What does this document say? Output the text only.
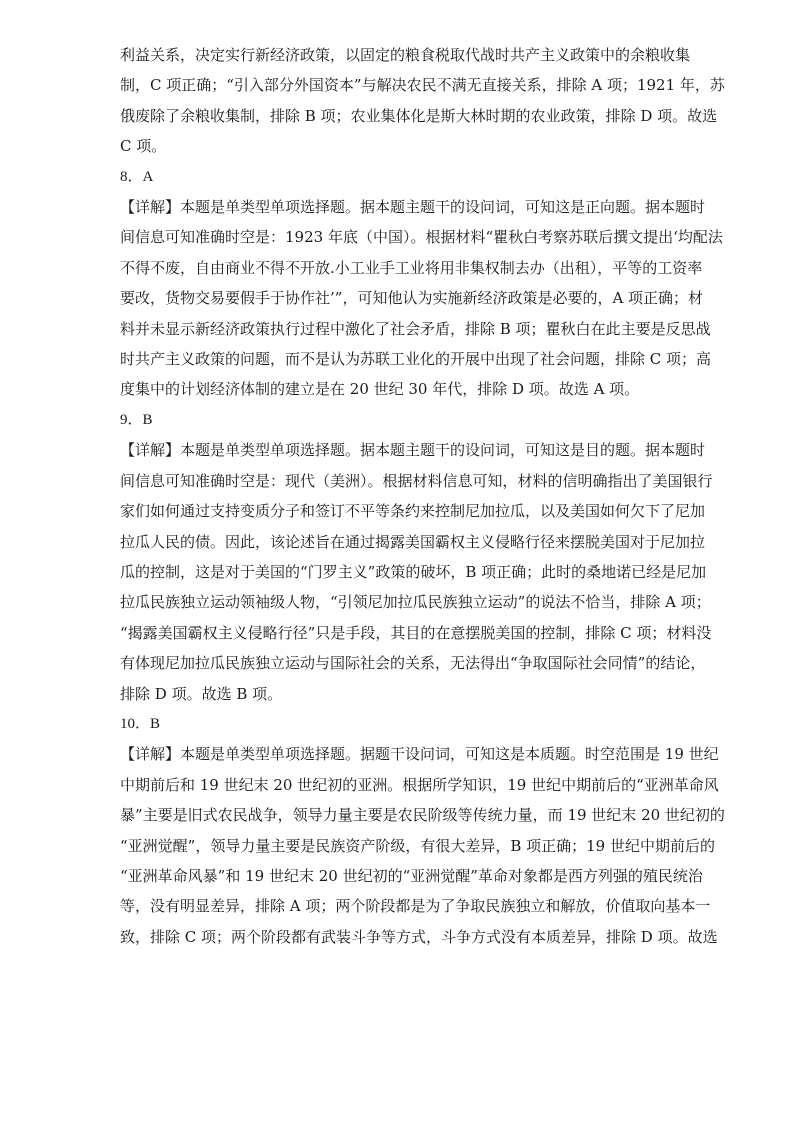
利益关系，决定实行新经济政策，以固定的粮食税取代战时共产主义政策中的余粮收集

制，C 项正确；“引入部分外国资本”与解决农民不满无直接关系，排除 A 项；1921 年，苏

俄废除了余粮收集制，排除 B 项；农业集体化是斯大林时期的农业政策，排除 D 项。故选

C 项。

8．A

【详解】本题是单类型单项选择题。据本题主题干的设问词，可知这是正向题。据本题时

间信息可知准确时空是：1923 年底（中国）。根据材料“瞿秋白考察苏联后撰文提出‘均配法

不得不废，自由商业不得不开放.小工业手工业将用非集权制去办（出租），平等的工资率

要改，货物交易要假手于协作社’”，可知他认为实施新经济政策是必要的，A 项正确；材

料并未显示新经济政策执行过程中激化了社会矛盾，排除 B 项；瞿秋白在此主要是反思战

时共产主义政策的问题，而不是认为苏联工业化的开展中出现了社会问题，排除 C 项；高

度集中的计划经济体制的建立是在 20 世纪 30 年代，排除 D 项。故选 A 项。

9．B

【详解】本题是单类型单项选择题。据本题主题干的设问词，可知这是目的题。据本题时

间信息可知准确时空是：现代（美洲）。根据材料信息可知，材料的信明确指出了美国银行

家们如何通过支持变质分子和签订不平等条约来控制尼加拉瓜，以及美国如何欠下了尼加

拉瓜人民的债。因此，该论述旨在通过揭露美国霸权主义侵略行径来摆脱美国对于尼加拉

瓜的控制，这是对于美国的“门罗主义”政策的破坏，B 项正确；此时的桑地诺已经是尼加

拉瓜民族独立运动领袖级人物，“引领尼加拉瓜民族独立运动”的说法不恰当，排除 A 项；

“揭露美国霸权主义侵略行径”只是手段，其目的在意摆脱美国的控制，排除 C 项；材料没

有体现尼加拉瓜民族独立运动与国际社会的关系，无法得出“争取国际社会同情”的结论，

排除 D 项。故选 B 项。

10．B

【详解】本题是单类型单项选择题。据题干设问词，可知这是本质题。时空范围是 19 世纪

中期前后和 19 世纪末 20 世纪初的亚洲。根据所学知识，19 世纪中期前后的“亚洲革命风

暴”主要是旧式农民战争，领导力量主要是农民阶级等传统力量，而 19 世纪末 20 世纪初的

“亚洲觉醒”，领导力量主要是民族资产阶级，有很大差异，B 项正确；19 世纪中期前后的

“亚洲革命风暴”和 19 世纪末 20 世纪初的“亚洲觉醒”革命对象都是西方列强的殖民统治

等，没有明显差异，排除 A 项；两个阶段都是为了争取民族独立和解放，价值取向基本一

致，排除 C 项；两个阶段都有武装斗争等方式，斗争方式没有本质差异，排除 D 项。故选
